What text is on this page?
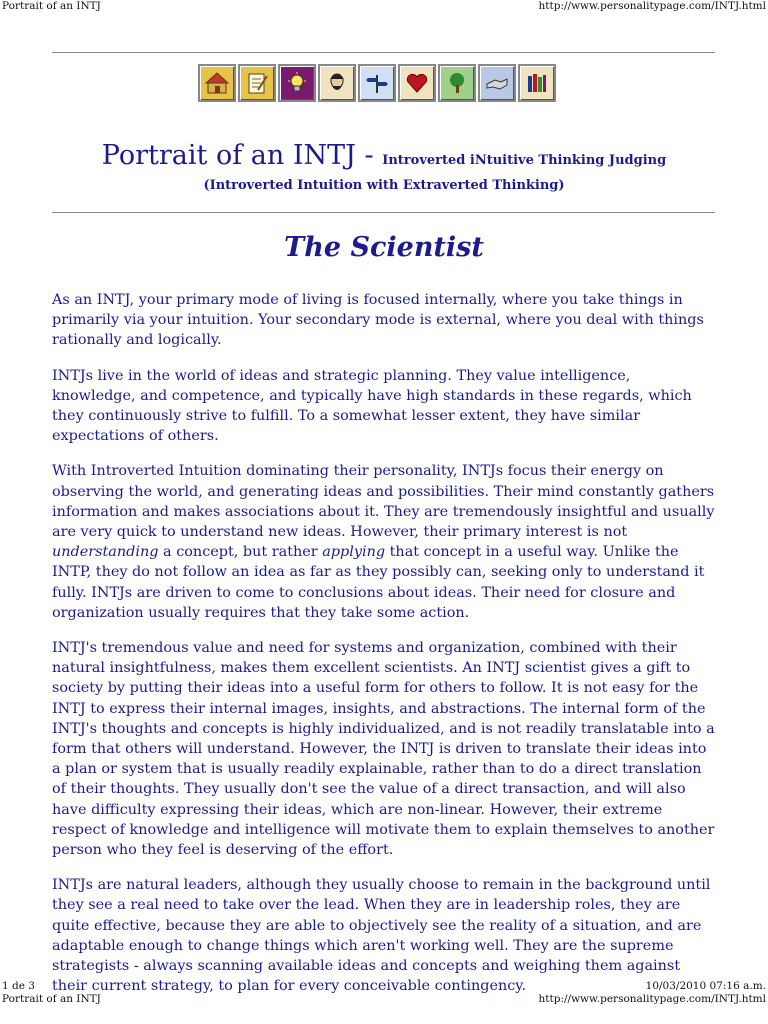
Portrait of an INTJ	http://www.personalitypage.com/INTJ.html
Portrait of an INTJ - Introverted iNtuitive Thinking Judging
(Introverted Intuition with Extraverted Thinking)
The Scientist

As an INTJ, your primary mode of living is focused internally, where you take things in primarily via your intuition. Your secondary mode is external, where you deal with things rationally and logically.

INTJs live in the world of ideas and strategic planning. They value intelligence, knowledge, and competence, and typically have high standards in these regards, which they continuously strive to fulfill. To a somewhat lesser extent, they have similar expectations of others.

With Introverted Intuition dominating their personality, INTJs focus their energy on observing the world, and generating ideas and possibilities. Their mind constantly gathers information and makes associations about it. They are tremendously insightful and usually are very quick to understand new ideas. However, their primary interest is not understanding a concept, but rather applying that concept in a useful way. Unlike the INTP, they do not follow an idea as far as they possibly can, seeking only to understand it fully. INTJs are driven to come to conclusions about ideas. Their need for closure and organization usually requires that they take some action.

INTJ's tremendous value and need for systems and organization, combined with their natural insightfulness, makes them excellent scientists. An INTJ scientist gives a gift to society by putting their ideas into a useful form for others to follow. It is not easy for the INTJ to express their internal images, insights, and abstractions. The internal form of the INTJ's thoughts and concepts is highly individualized, and is not readily translatable into a form that others will understand. However, the INTJ is driven to translate their ideas into a plan or system that is usually readily explainable, rather than to do a direct translation of their thoughts. They usually don't see the value of a direct transaction, and will also have difficulty expressing their ideas, which are non-linear. However, their extreme respect of knowledge and intelligence will motivate them to explain themselves to another person who they feel is deserving of the effort.

INTJs are natural leaders, although they usually choose to remain in the background until they see a real need to take over the lead. When they are in leadership roles, they are quite effective, because they are able to objectively see the reality of a situation, and are adaptable enough to change things which aren't working well. They are the supreme strategists - always scanning available ideas and concepts and weighing them against their current strategy, to plan for every conceivable contingency.

1 de 3	10/03/2010 07:16 a.m.
Portrait of an INTJ	http://www.personalitypage.com/INTJ.html
